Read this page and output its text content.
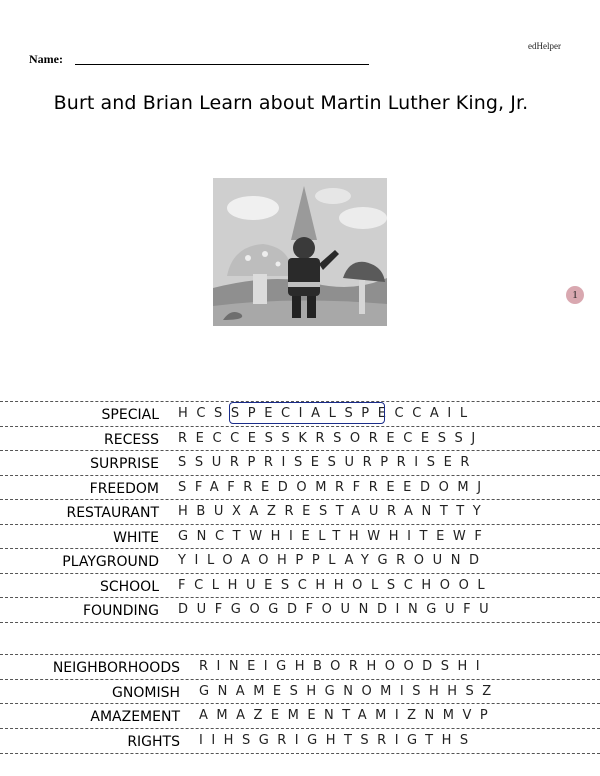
edHelper
Name:
Burt and Brian Learn about Martin Luther King, Jr.
1
SPECIAL HCSSPECIALSPECCAIL
RECESS RECCESSKRSORECESSJ
SURPRISE SSURPRISESURPRISER
FREEDOM SFAFREDOMRFREEDOMJ
RESTAURANT HBUXAZRESTAURANTTY
WHITE GNCTWHIELTHWHITEWF
PLAYGROUND YILOAOHPPLAYGROUND
SCHOOL FCLHUESCHHOLSCHOOL
FOUNDING DUFGOGDFOUNDINGUFU
NEIGHBORHOODS RINEIGHBORHOODSHI
GNOMISH GNAMESHGNOMISHHSZ
AMAZEMENT AMAZEMENTAMIZNMVP
RIGHTS IIHSGRIGHTSRIGTHS
